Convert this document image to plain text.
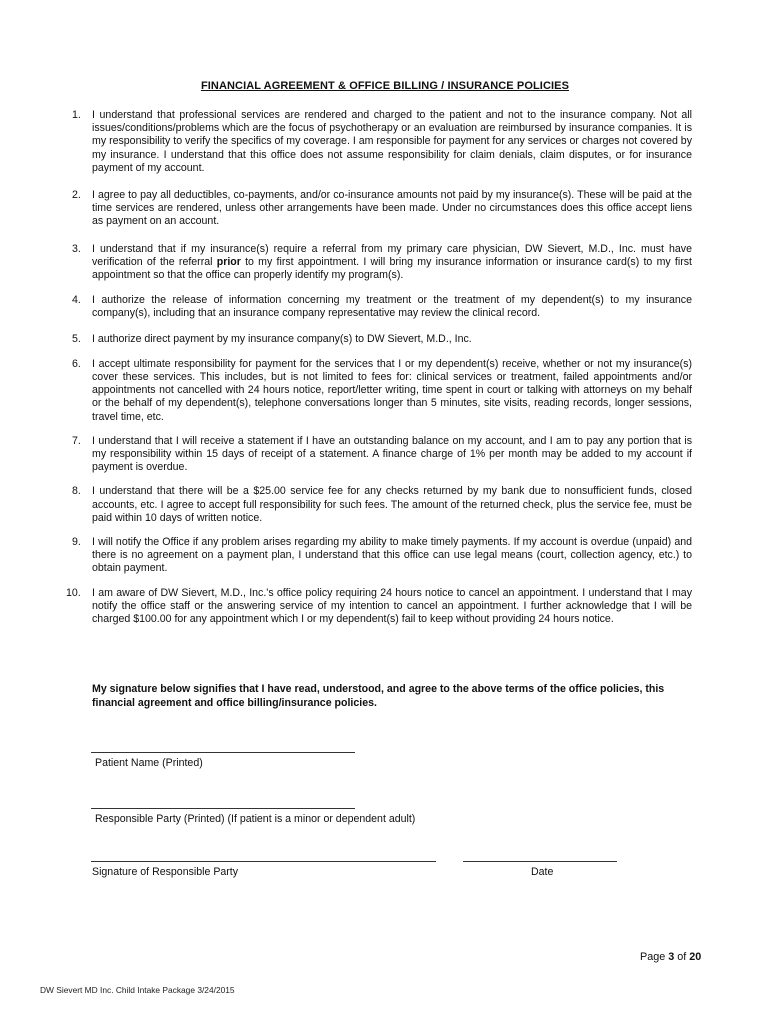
FINANCIAL AGREEMENT & OFFICE BILLING / INSURANCE POLICIES
1.	I understand that professional services are rendered and charged to the patient and not to the insurance company. Not all issues/conditions/problems which are the focus of psychotherapy or an evaluation are reimbursed by insurance companies. It is my responsibility to verify the specifics of my coverage. I am responsible for payment for any services or charges not covered by my insurance. I understand that this office does not assume responsibility for claim denials, claim disputes, or for insurance payment of my account.
2.	I agree to pay all deductibles, co-payments, and/or co-insurance amounts not paid by my insurance(s). These will be paid at the time services are rendered, unless other arrangements have been made. Under no circumstances does this office accept liens as payment on an account.
3.	I understand that if my insurance(s) require a referral from my primary care physician, DW Sievert, M.D., Inc. must have verification of the referral prior to my first appointment. I will bring my insurance information or insurance card(s) to my first appointment so that the office can properly identify my program(s).
4.	I authorize the release of information concerning my treatment or the treatment of my dependent(s) to my insurance company(s), including that an insurance company representative may review the clinical record.
5.	I authorize direct payment by my insurance company(s) to DW Sievert, M.D., Inc.
6.	I accept ultimate responsibility for payment for the services that I or my dependent(s) receive, whether or not my insurance(s) cover these services. This includes, but is not limited to fees for: clinical services or treatment, failed appointments and/or appointments not cancelled with 24 hours notice, report/letter writing, time spent in court or talking with attorneys on my behalf or the behalf of my dependent(s), telephone conversations longer than 5 minutes, site visits, reading records, longer sessions, travel time, etc.
7.	I understand that I will receive a statement if I have an outstanding balance on my account, and I am to pay any portion that is my responsibility within 15 days of receipt of a statement. A finance charge of 1% per month may be added to my account if payment is overdue.
8.	I understand that there will be a $25.00 service fee for any checks returned by my bank due to nonsufficient funds, closed accounts, etc. I agree to accept full responsibility for such fees. The amount of the returned check, plus the service fee, must be paid within 10 days of written notice.
9.	I will notify the Office if any problem arises regarding my ability to make timely payments. If my account is overdue (unpaid) and there is no agreement on a payment plan, I understand that this office can use legal means (court, collection agency, etc.) to obtain payment.
10.	I am aware of DW Sievert, M.D., Inc.'s office policy requiring 24 hours notice to cancel an appointment. I understand that I may notify the office staff or the answering service of my intention to cancel an appointment. I further acknowledge that I will be charged $100.00 for any appointment which I or my dependent(s) fail to keep without providing 24 hours notice.
My signature below signifies that I have read, understood, and agree to the above terms of the office policies, this financial agreement and office billing/insurance policies.
Patient Name (Printed)
Responsible Party (Printed) (If patient is a minor or dependent adult)
Signature of Responsible Party	Date
Page 3 of 20
DW Sievert MD Inc. Child Intake Package 3/24/2015
